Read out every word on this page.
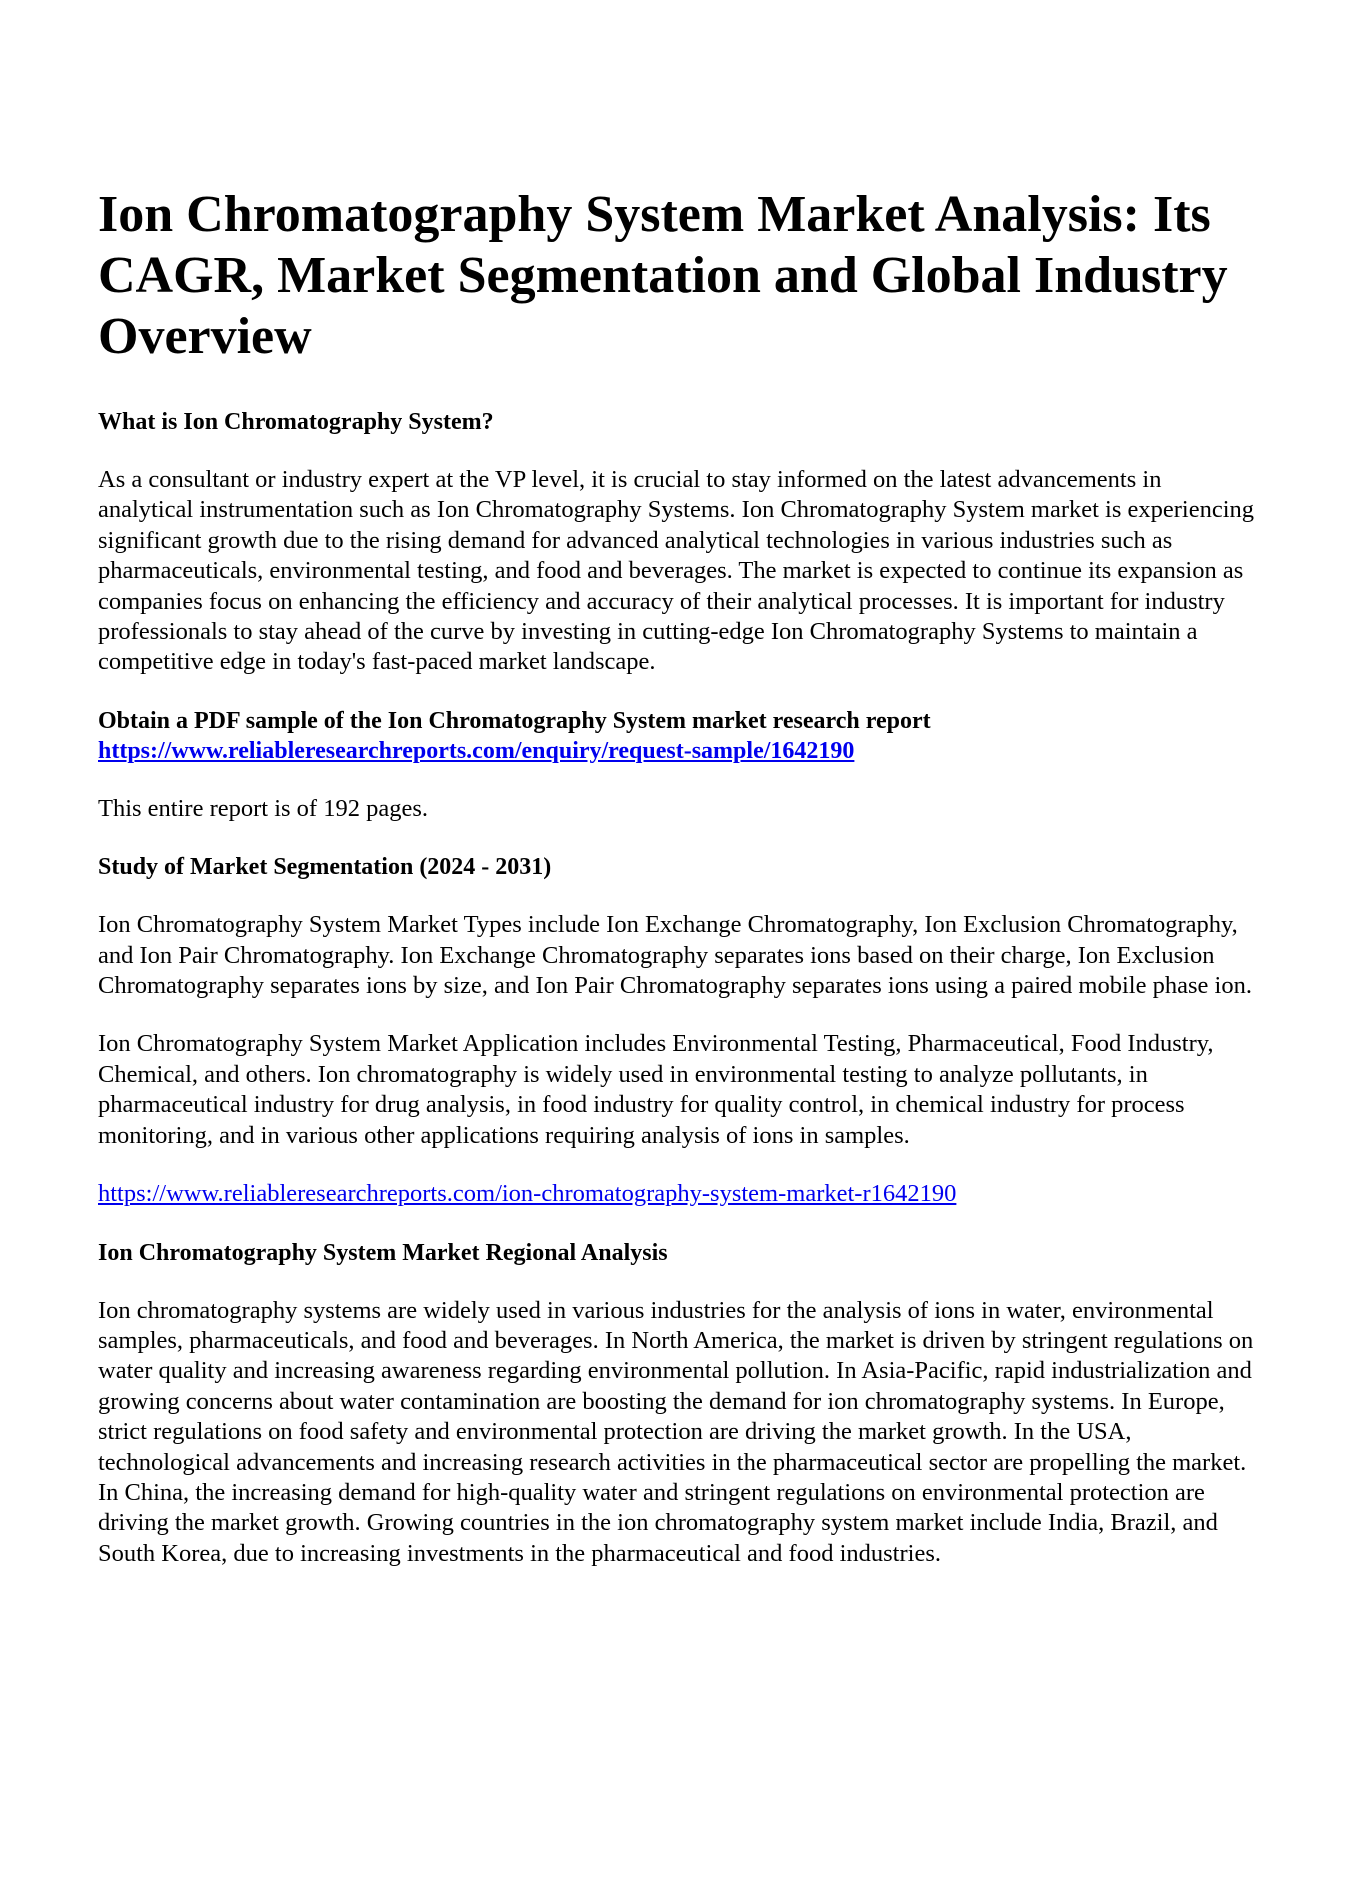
Ion Chromatography System Market Analysis: Its CAGR, Market Segmentation and Global Industry Overview
What is Ion Chromatography System?

As a consultant or industry expert at the VP level, it is crucial to stay informed on the latest advancements in analytical instrumentation such as Ion Chromatography Systems. Ion Chromatography System market is experiencing significant growth due to the rising demand for advanced analytical technologies in various industries such as pharmaceuticals, environmental testing, and food and beverages. The market is expected to continue its expansion as companies focus on enhancing the efficiency and accuracy of their analytical processes. It is important for industry professionals to stay ahead of the curve by investing in cutting-edge Ion Chromatography Systems to maintain a competitive edge in today's fast-paced market landscape.

Obtain a PDF sample of the Ion Chromatography System market research report https://www.reliableresearchreports.com/enquiry/request-sample/1642190

This entire report is of 192 pages.

Study of Market Segmentation (2024 - 2031)

Ion Chromatography System Market Types include Ion Exchange Chromatography, Ion Exclusion Chromatography, and Ion Pair Chromatography. Ion Exchange Chromatography separates ions based on their charge, Ion Exclusion Chromatography separates ions by size, and Ion Pair Chromatography separates ions using a paired mobile phase ion.

Ion Chromatography System Market Application includes Environmental Testing, Pharmaceutical, Food Industry, Chemical, and others. Ion chromatography is widely used in environmental testing to analyze pollutants, in pharmaceutical industry for drug analysis, in food industry for quality control, in chemical industry for process monitoring, and in various other applications requiring analysis of ions in samples.

https://www.reliableresearchreports.com/ion-chromatography-system-market-r1642190

Ion Chromatography System Market Regional Analysis

Ion chromatography systems are widely used in various industries for the analysis of ions in water, environmental samples, pharmaceuticals, and food and beverages. In North America, the market is driven by stringent regulations on water quality and increasing awareness regarding environmental pollution. In Asia-Pacific, rapid industrialization and growing concerns about water contamination are boosting the demand for ion chromatography systems. In Europe, strict regulations on food safety and environmental protection are driving the market growth. In the USA, technological advancements and increasing research activities in the pharmaceutical sector are propelling the market. In China, the increasing demand for high-quality water and stringent regulations on environmental protection are driving the market growth. Growing countries in the ion chromatography system market include India, Brazil, and South Korea, due to increasing investments in the pharmaceutical and food industries.
